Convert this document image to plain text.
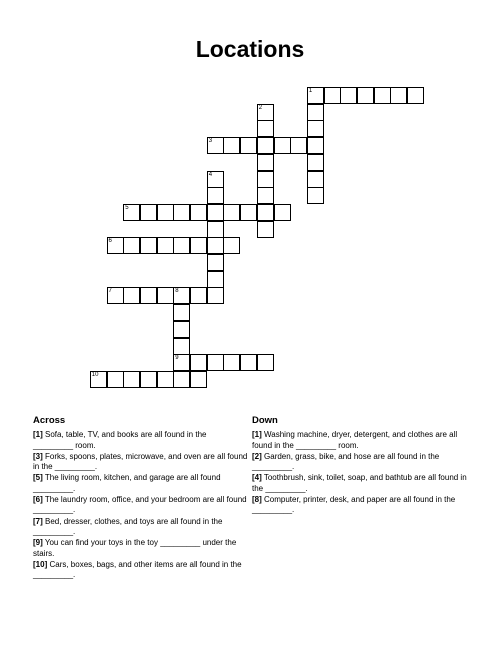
Locations
1
2
3
4
5
6
7	8
9
10
Across
[1] Sofa, table, TV, and books are all found in the _________ room.
[3] Forks, spoons, plates, microwave, and oven are all found in the _________.
[5] The living room, kitchen, and garage are all found _________.
[6] The laundry room, office, and your bedroom are all found _________.
[7] Bed, dresser, clothes, and toys are all found in the _________.
[9] You can find your toys in the toy _________ under the stairs.
[10] Cars, boxes, bags, and other items are all found in the _________.
Down
[1] Washing machine, dryer, detergent, and clothes are all found in the _________ room.
[2] Garden, grass, bike, and hose are all found in the _________.
[4] Toothbrush, sink, toilet, soap, and bathtub are all found in the _________.
[8] Computer, printer, desk, and paper are all found in the _________.
